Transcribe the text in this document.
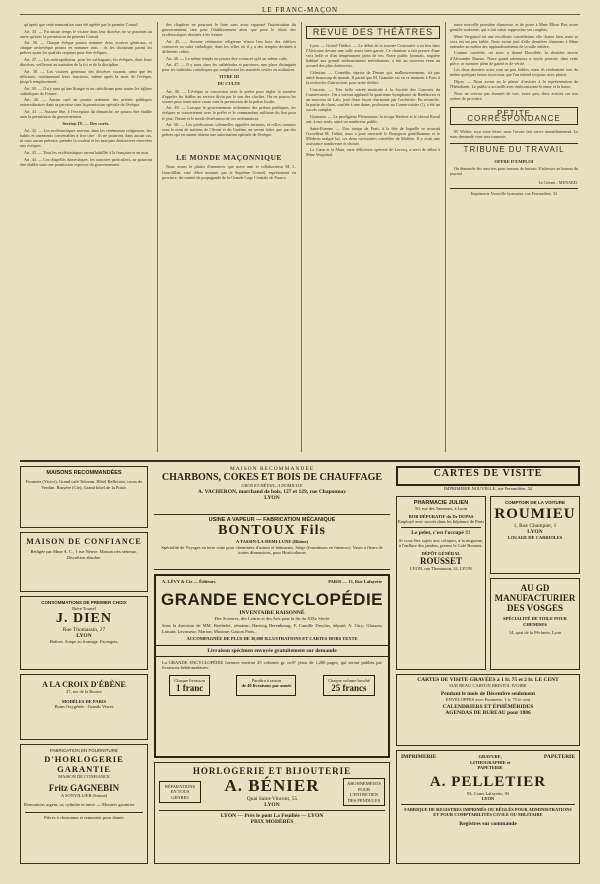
LE FRANC-MAÇON

qu'après que cette nomination aura été agréée par le premier Consul.

Art. 35. — En aucun temps le vicaire dans leur diocèse, ne se pourront au ourte qu'avec la permission du premier Consul.

Art. 36. — Chaque évêque pourra nommer deux vicaires généraux, et chaque archevêque pourra en nommer trois : ils les choisiront parmi les prêtres ayant les qualités requises pour être évêques.

Art. 37. — Les métropolitains, pour les suffragants, les évêques, dans leurs diocèses, veilleront au maintien de la foi et de la discipline.

Art. 38. — Les vicaires généraux des diocèses vacants, ainsi que les officiaux, continueront leurs fonctions, même après la mort de l'évêque, jusqu'à remplacement.

Art. 39. — Il n'y aura qu'une liturgie et un catéchisme pour toutes les églises catholiques de France.

Art. 40. — Aucun curé ne pourra ordonner des prières publiques extraordinaires dans sa paroisse sans la permission spéciale de l'évêque.

Art. 41. — Aucune fête, à l'exception du dimanche, ne pourra être établie sans la permission du gouvernement.

Section IV. — Des curés.

Art. 42. — Les ecclésiastiques useront, dans les cérémonies religieuses, des habits et ornements convenables à leur titre : ils ne pourront, dans aucun cas, ni sous aucun prétexte, prendre la couleur et les marques distinctives réservées aux évêques.

Art. 43. — Tous les ecclésiastiques seront habillés à la française et en noir.

Art. 44. — Les chapelles domestiques, les oratoires particuliers, ne pourront être établis sans une permission expresse du gouvernement.

des chapitres ne pourront le faire sans avoir rapporté l'autorisation du gouvernement, tant pour l'établissement ainsi que pour le choix des ecclésiastiques destinés à les former.

Art. 45. — Aucune cérémonie religieuse n'aura lieu hors des édifices consacrés au culte catholique, dans les villes où il y a des temples destinés à différents cultes.

Art. 46. — Le même temple ne pourra être consacré qu'à un même culte.

Art. 47. — Il y aura, dans les cathédrales et paroisses, une place distinguée pour les individus catholiques qui remplissent les autorités civiles ou militaires.

TITRE III
DU CULTE

Art. 48. — L'évêque se concertera avec le préfet pour régler la manière d'appeler les fidèles au service divin par le son des cloches. On ne pourra les sonner pour toute autre cause sans la permission de la police locale.

Art. 49. — Lorsque le gouvernement ordonnera des prières publiques, les évêques se concerteront avec le préfet et le commandant militaire du lieu pour le jour, l'heure et le mode d'exécution de ces ordonnances.

Art. 50. — Les prédications solennelles appelées sermons, et celles connues sous le nom de stations de l'Avent et du Carême, ne seront faites que par des prêtres qui en auront obtenu une autorisation spéciale de l'évêque.

LE MONDE MAÇONNIQUE

Nous avons le plaisir d'annoncer que notre ami et collaborateur M. L. Gourdillan, viné d'être nommé, par le Suprême Conseil, représentant en province, du comité de propagande de la Grande Loge Centrale de France.

REVUE DES THÉÂTRES

Lyon. — Grand-Théâtre. — Le début de la tournée Coutourier a eu lieu dans l'Africaine devant une salle assez bien garnie. Ce chanteur a fait preuve d'une voix belle et d'un tempérament plein de feu. Notre public lyonnais, naguère habitué aux grands enthousiasmes méridionaux, a fait au nouveau venu un accueil des plus chaleureux.

Célestins. — Comédie, réprise de Denise qui, malheureusement, n'a pas attiré beaucoup de monde. Il paraît que M. Grandier est en ce moment à Paris à la recherche d'attractions pour notre théâtre.

Concerts. — Très belle soirée musicale à la Société des Concerts du Conservatoire. On a surtout applaudi la quatrième Symphonie de Beethoven et un morceau de Lalo, joué d'une façon charmante par l'orchestre. En revanche, la partie de chant, confiée à une dame, professeur au Conservatoire (!), a été un succès complet.

Gymnase. — Le prodigieux Pleizmanns, la troupe Herbert et le cheval Raoul ont, à eux seuls, attiré un nombreux public.

Saint-Etienne. — Une troupe de Paris, à la tête de laquelle se trouvait l'excellent M. Talbot, nous a joué mercredi le Bourgeois gentilhomme et le Médecin malgré lui, ces deux ravissantes comédies de Molière. Il y avait une assistance nombreuse et choisie.

Le Cœur et la Main, cette délicieuse opérette de Lecocq, a servi de début à Mme Verguinol.

notre nouvelle première chanteuse, et de porte à Mme Élisse Ber, notre gentille soubrette, qui a fait valoir rapprocher ses couplets.

Mme Verguinol est une excellente comédienne, elle chante bien, mais sa voix est un peu faible. Nous avons joui d'elle dernières chansons à Mme entendre au milieu des applaudissements de la salle entière.

Comme comédie, on nous a donné Dorothée, la dernière œuvre d'Alexandre Dumas. Notre grand talentueux a voulu pouvoir, dans cette pièce, se montrer plein de gaieté et de vérité.

Les deux derniers actes sont un peu faibles, mais ils renferment tout de même quelques beaux morceaux que l'on entend toujours avec plaisir.

Dijon. — Nous avons eu le plaisir d'assister à la représentation de l'Hérodiade. Le public a accueilli avec enthousiasme le ténor et la basse.

Nous ne serions pas étonnés de voir, avant peu, deux artistes sur nos scènes de province.

PETITE CORRESPONDANCE

M. Walter, reçu votre lettre; nous l'avons fait suivre immédiatement. Le nom demandé vous sera transmis.

TRIBUNE DU TRAVAIL
OFFRE D'EMPLOI

On demande des ouvriers pour travaux de bureau. S'adresser au bureau du journal.

Le Gérant : MENARD.
Imprimerie Nouvelle lyonnaise, rue Ferrandière, 52
MAISONS RECOMMANDÉES
Fournier (Victor), Grand café Tolozan. Hôtel Bellecour, cours de Verdun. Bruyère (Cie), Grand hôtel de la Poste.
MAISON DE CONFIANCE
Rédigée par Mme A. C., 1 rue Neuve. Maison très sérieuse. Discrétion absolue.
CONSOMMATIONS DE PREMIER CHOIX
Bière Tourtel
J. DIEN
Rue Thomassin, 27
LYON
Huîtres. Soupe au fromage. Escargots.
A LA CROIX D'ÉBÈNE
27, rue de la Bourse
MODÈLES DE PARIS
Bains Oxygénés · Grands Verres
FABRICATION EN FOURNITURE
D'HORLOGERIE GARANTIE
MAISON DE CONFIANCE
Fritz GAGNEBIN
A SONVILLIER (Suisse)
Remontoirs argent, or, cylindre et ancre — Montres garanties
Pièces à cloisonner et remontoir pour dames
MAISON RECOMMANDÉE
CHARBONS, COKES ET BOIS DE CHAUFFAGE
GROS ET DÉTAIL, A DOMICILE
A. VACHERON, marchand de bois, 127 et 129, rue Chaponnay
LYON
USINE A VAPEUR — FABRICATION MÉCANIQUE
BONTOUX Fils
A TASSIN-LA-DEMI-LUNE (Rhône)
Spécialité de Voyages en terre cuite pour cheminées d'usines et bâtiments. Siège (fournitures en faïences). Vases à fleurs de toutes dimensions, pour Horticulteurs
A. LÉVY & Cie — Éditeurs	PARIS — 13, Rue Lafayette
GRANDE ENCYCLOPÉDIE
INVENTAIRE RAISONNÉ
Des Sciences, des Lettres et des Arts pour la fin du XIXe Siècle
Sous la direction de MM. Berthelot, sénateur; Hartwig Derenbourg; F. Camille Dreyfus, député; A. Giry; Glasson; Laisant; Levasseur; Marion; Maxime; Gaston Paris...
ACCOMPAGNÉE DE PLUS DE 30,000 ILLUSTRATIONS ET CARTES HORS TEXTE
Livraison spécimen envoyée gratuitement sur demande
La GRANDE ENCYCLOPÉDIE formera environ 25 volumes gr. in-8° jésus de 1,200 pages, qui seront publiés par livraisons hebdomadaires.
Chaque livraison
1 franc
Paraîtra à raison
de 40 livraisons par année
Chaque volume broché
25 francs
HORLOGERIE ET BIJOUTERIE
RÉPARATIONS EN TOUS GENRES
A. BÉNIER
Quai Saint-Vincent, 55
LYON
ABONNEMENTS POUR L'ENTRETIEN DES PENDULES
LYON — Près le pont La Feuillée — LYON
PRIX MODÉRÉS
CARTES DE VISITE
IMPRIMERIE NOUVELLE, rue Ferrandière, 52
PHARMACIE JULIEN
50, rue des Tanneurs, à Lyon
ROB DÉPURATIF du Dr DUPAS
Employé avec succès dans les hôpitaux de Paris
Le pelet, c'est l'occupé !!!
Si vous êtes sujets aux coliques, à la migraine, à l'enflure des jambes, prenez le Café Rousset.
DÉPÔT GÉNÉRAL
ROUSSET
LYON, rue Thomassin, 32, LYON
COMPTOIR DE LA VOITURE
ROUMIEU
1, Rue Champier, 1
LYON
LOUAGE DE CARRIOLES
AU GD MANUFACTURIER DES VOSGES
SPÉCIALITÉ DE TOILE POUR CHEMISES
14, quai de la Pêcherie, Lyon
CARTES DE VISITE GRAVÉES à 1 fr. 75 et 2 fr. LE CENT
SUR BEAU CARTON BRISTOL IVOIRE
Pendant le mois de Décembre seulement
ENVELOPPES avec Fournette, 1 fr. 75 le cent
CALENDRIERS ET ÉPHÉMÉRIDES
AGENDAS DE BUREAU pour 1886
IMPRIMERIE	GRAVURE, LITHOGRAPHIE et PAPETERIE
PAPETERIE
A. PELLETIER
93, Cours Lafayette, 93
LYON
FABRIQUE DE REGISTRES IMPRIMÉS OU RÉGLÉS POUR ADMINISTRATIONS
ET POUR COMPTABILITÉS CIVILE OU MILITAIRE
Registres sur commande
